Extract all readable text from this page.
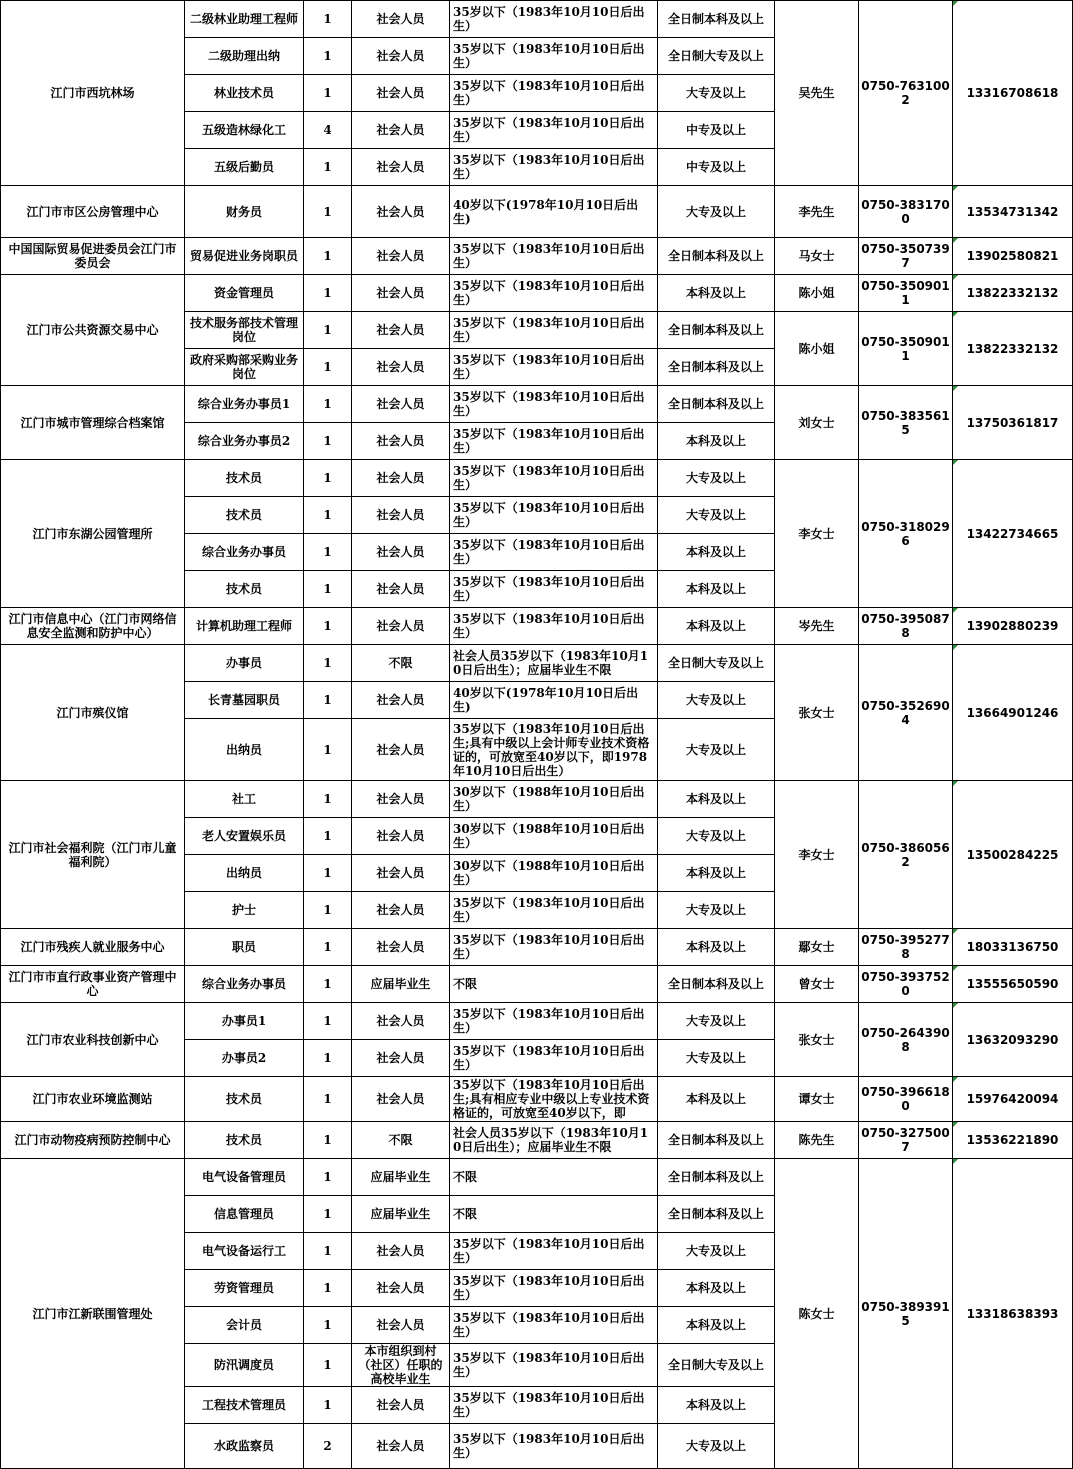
江门市西坑林场	二级林业助理工程师	1	社会人员	35岁以下（1983年10月10日后出生）	全日制本科及以上	吴先生	0750-7631002	13316708618
	二级助理出纳	1	社会人员	35岁以下（1983年10月10日后出生）	全日制大专及以上			
	林业技术员	1	社会人员	35岁以下（1983年10月10日后出生）	大专及以上			
	五级造林绿化工	4	社会人员	35岁以下（1983年10月10日后出生）	中专及以上			
	五级后勤员	1	社会人员	35岁以下（1983年10月10日后出生）	中专及以上			
江门市市区公房管理中心	财务员	1	社会人员	40岁以下(1978年10月10日后出生)	大专及以上	李先生	0750-3831700	13534731342
中国国际贸易促进委员会江门市委员会	贸易促进业务岗职员	1	社会人员	35岁以下（1983年10月10日后出生）	全日制本科及以上	马女士	0750-3507397	13902580821
江门市公共资源交易中心	资金管理员	1	社会人员	35岁以下（1983年10月10日后出生）	本科及以上	陈小姐	0750-3509011	13822332132
	技术服务部技术管理岗位	1	社会人员	35岁以下（1983年10月10日后出生）	全日制本科及以上	陈小姐	0750-3509011	13822332132
	政府采购部采购业务岗位	1	社会人员	35岁以下（1983年10月10日后出生）	全日制本科及以上			
江门市城市管理综合档案馆	综合业务办事员1	1	社会人员	35岁以下（1983年10月10日后出生）	全日制本科及以上	刘女士	0750-3835615	13750361817
	综合业务办事员2	1	社会人员	35岁以下（1983年10月10日后出生）	本科及以上			
江门市东湖公园管理所	技术员	1	社会人员	35岁以下（1983年10月10日后出生）	大专及以上	李女士	0750-3180296	13422734665
	技术员	1	社会人员	35岁以下（1983年10月10日后出生）	大专及以上			
	综合业务办事员	1	社会人员	35岁以下（1983年10月10日后出生）	本科及以上			
	技术员	1	社会人员	35岁以下（1983年10月10日后出生）	本科及以上			
江门市信息中心（江门市网络信息安全监测和防护中心）	计算机助理工程师	1	社会人员	35岁以下（1983年10月10日后出生）	本科及以上	岑先生	0750-3950878	13902880239
江门市殡仪馆	办事员	1	不限	社会人员35岁以下（1983年10月10日后出生）；应届毕业生不限	全日制大专及以上	张女士	0750-3526904	13664901246
	长青墓园职员	1	社会人员	40岁以下(1978年10月10日后出生)	大专及以上			
	出纳员	1	社会人员	35岁以下（1983年10月10日后出生;具有中级以上会计师专业技术资格证的，可放宽至40岁以下，即1978年10月10日后出生）	大专及以上			
江门市社会福利院（江门市儿童福利院）	社工	1	社会人员	30岁以下（1988年10月10日后出生）	本科及以上	李女士	0750-3860562	13500284225
	老人安置娱乐员	1	社会人员	30岁以下（1988年10月10日后出生）	大专及以上			
	出纳员	1	社会人员	30岁以下（1988年10月10日后出生）	本科及以上			
	护士	1	社会人员	35岁以下（1983年10月10日后出生）	大专及以上			
江门市残疾人就业服务中心	职员	1	社会人员	35岁以下（1983年10月10日后出生）	本科及以上	鄢女士	0750-3952778	18033136750
江门市市直行政事业资产管理中心	综合业务办事员	1	应届毕业生	不限	全日制本科及以上	曾女士	0750-3937520	13555650590
江门市农业科技创新中心	办事员1	1	社会人员	35岁以下（1983年10月10日后出生）	大专及以上	张女士	0750-2643908	13632093290
	办事员2	1	社会人员	35岁以下（1983年10月10日后出生）	大专及以上			
江门市农业环境监测站	技术员	1	社会人员	35岁以下（1983年10月10日后出生;具有相应专业中级以上专业技术资格证的，可放宽至40岁以下，即	本科及以上	谭女士	0750-3966180	15976420094
江门市动物疫病预防控制中心	技术员	1	不限	社会人员35岁以下（1983年10月10日后出生）；应届毕业生不限	全日制本科及以上	陈先生	0750-3275007	13536221890
江门市江新联围管理处	电气设备管理员	1	应届毕业生	不限	全日制本科及以上	陈女士	0750-3893915	13318638393
	信息管理员	1	应届毕业生	不限	全日制本科及以上			
	电气设备运行工	1	社会人员	35岁以下（1983年10月10日后出生）	大专及以上			
	劳资管理员	1	社会人员	35岁以下（1983年10月10日后出生）	本科及以上			
	会计员	1	社会人员	35岁以下（1983年10月10日后出生）	本科及以上			
	防汛调度员	1	本市组织到村（社区）任职的高校毕业生	35岁以下（1983年10月10日后出生）	全日制大专及以上			
	工程技术管理员	1	社会人员	35岁以下（1983年10月10日后出生）	本科及以上			
	水政监察员	2	社会人员	35岁以下（1983年10月10日后出生）	大专及以上			
